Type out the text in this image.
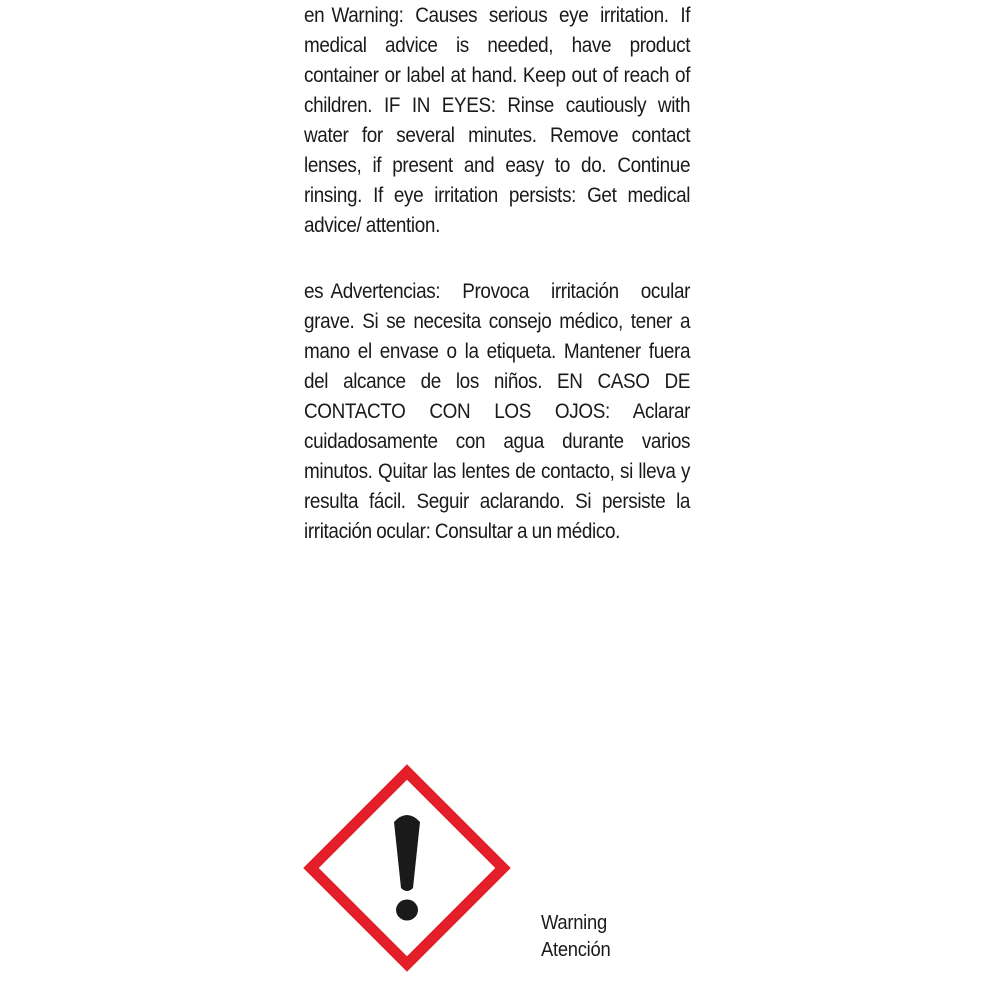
en Warning: Causes serious eye irritation. If medical advice is needed, have product container or label at hand. Keep out of reach of children. IF IN EYES: Rinse cautiously with water for several minutes. Remove contact lenses, if present and easy to do. Continue rinsing. If eye irritation persists: Get medical advice/ attention.
es Advertencias: Provoca irritación ocular grave. Si se necesita consejo médico, tener a mano el envase o la etiqueta. Mantener fuera del alcance de los niños. EN CASO DE CONTACTO CON LOS OJOS: Aclarar cuidadosamente con agua durante varios minutos. Quitar las lentes de contacto, si lleva y resulta fácil. Seguir aclarando. Si persiste la irritación ocular: Consultar a un médico.
Warning
Atención
